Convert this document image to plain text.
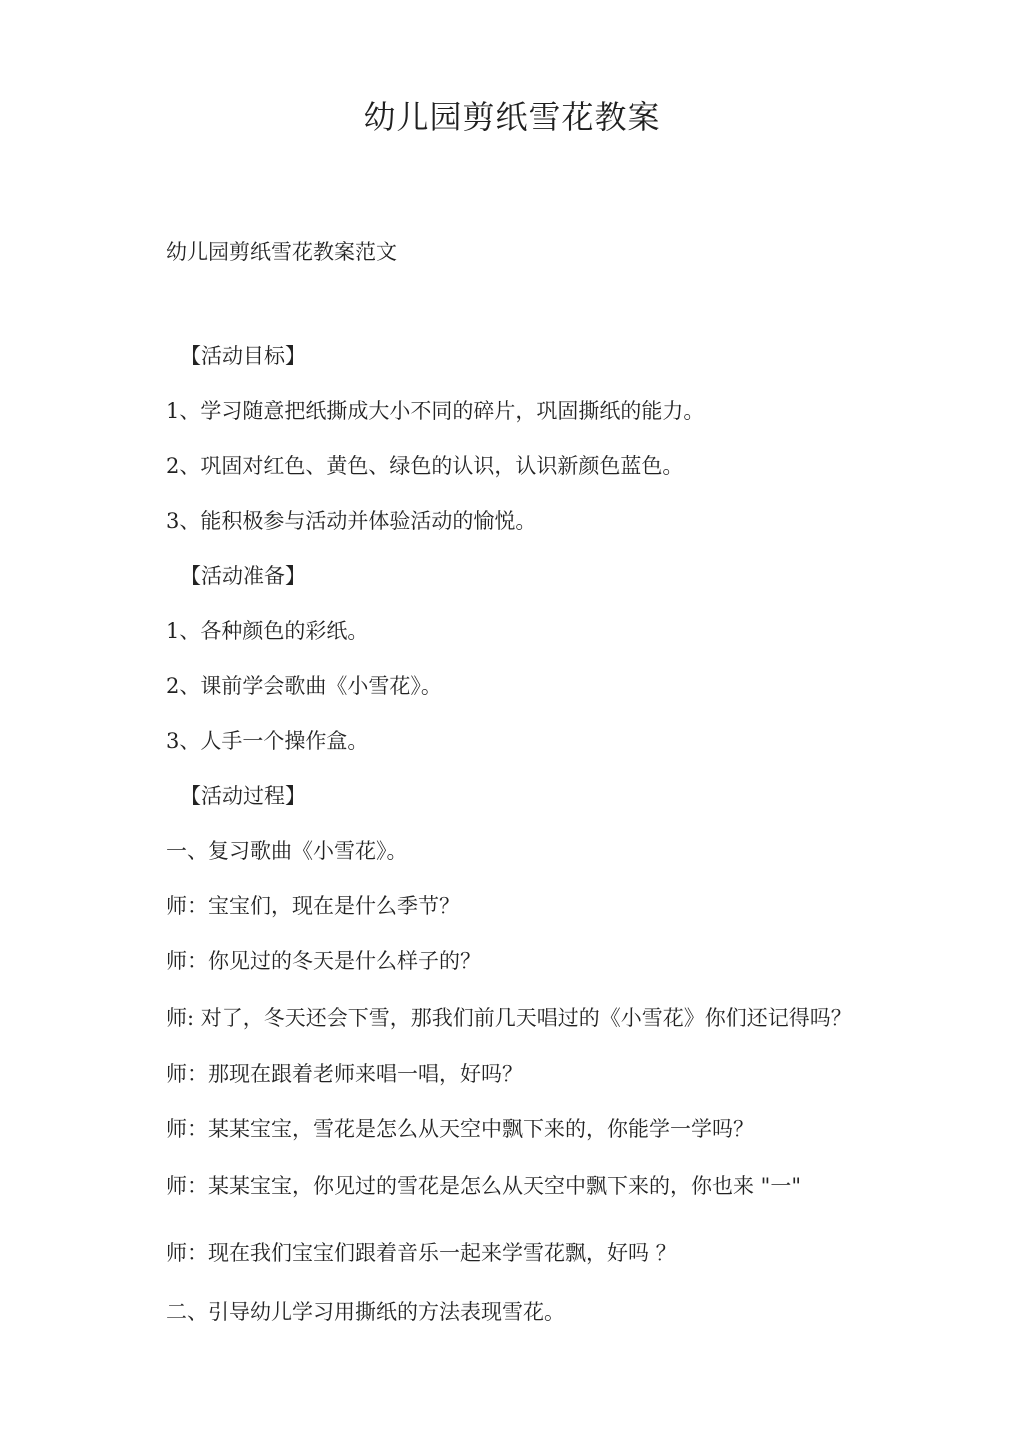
幼儿园剪纸雪花教案
幼儿园剪纸雪花教案范文
【活动目标】
1、学习随意把纸撕成大小不同的碎片，巩固撕纸的能力。
2、巩固对红色、黄色、绿色的认识，认识新颜色蓝色。
3、能积极参与活动并体验活动的愉悦。
【活动准备】
1、各种颜色的彩纸。
2、课前学会歌曲《小雪花》。
3、人手一个操作盒。
【活动过程】
一、复习歌曲《小雪花》。
师：宝宝们，现在是什么季节？
师：你见过的冬天是什么样子的？
师: 对了，冬天还会下雪，那我们前几天唱过的《小雪花》你们还记得吗？
师：那现在跟着老师来唱一唱，好吗？
师：某某宝宝，雪花是怎么从天空中飘下来的，你能学一学吗？
师：某某宝宝，你见过的雪花是怎么从天空中飘下来的，你也来 "一"
师：现在我们宝宝们跟着音乐一起来学雪花飘，好吗 ？
二、引导幼儿学习用撕纸的方法表现雪花。
